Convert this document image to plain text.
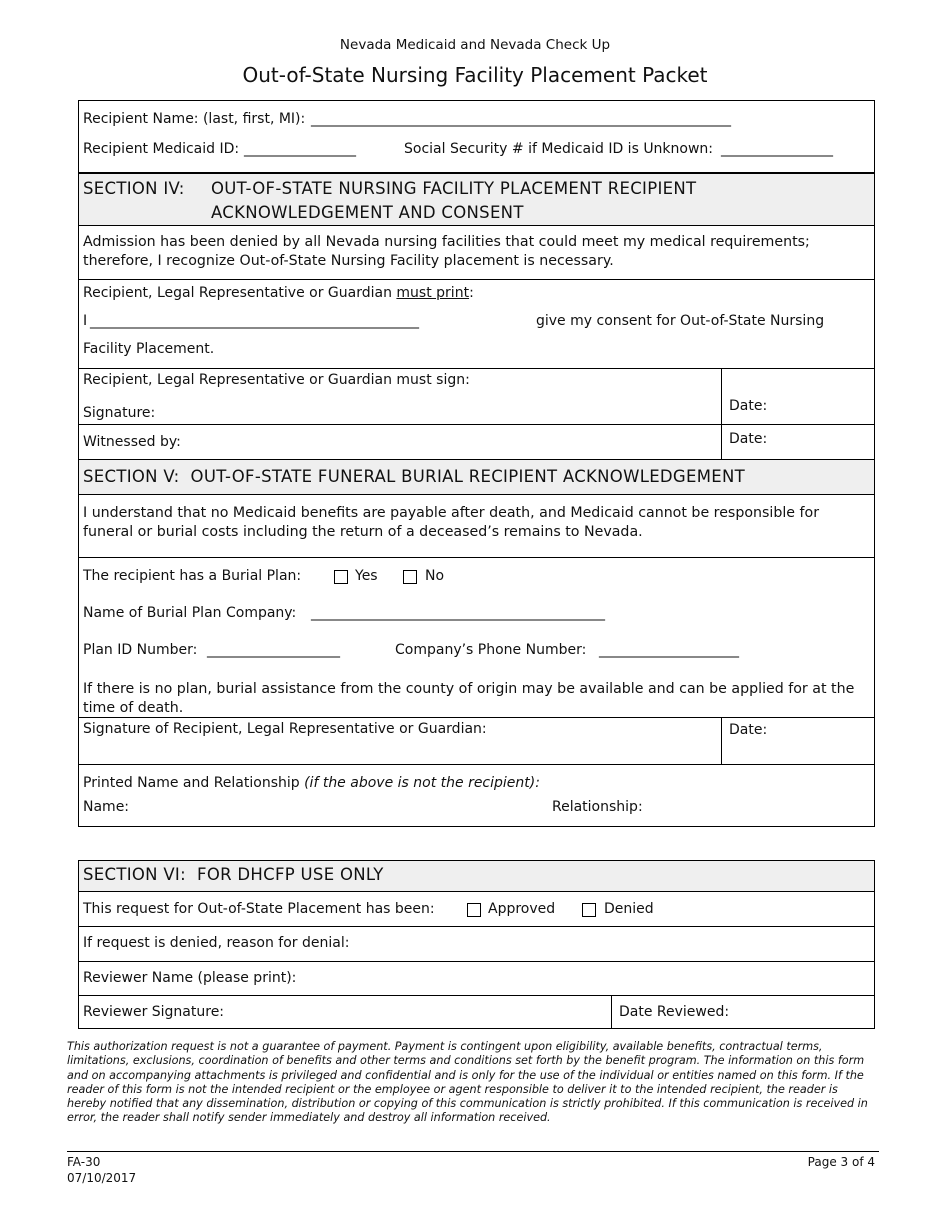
Nevada Medicaid and Nevada Check Up
Out-of-State Nursing Facility Placement Packet
Recipient Name: (last, first, MI): ____________________________________________________________
Recipient Medicaid ID: ________________	Social Security # if Medicaid ID is Unknown: ________________
SECTION IV: OUT-OF-STATE NURSING FACILITY PLACEMENT RECIPIENT
ACKNOWLEDGEMENT AND CONSENT
Admission has been denied by all Nevada nursing facilities that could meet my medical requirements; therefore, I recognize Out-of-State Nursing Facility placement is necessary.
Recipient, Legal Representative or Guardian must print:
I _______________________________________________	give my consent for Out-of-State Nursing
Facility Placement.
Recipient, Legal Representative or Guardian must sign:
Signature:	Date:
Witnessed by:	Date:
SECTION V:  OUT-OF-STATE FUNERAL BURIAL RECIPIENT ACKNOWLEDGEMENT
I understand that no Medicaid benefits are payable after death, and Medicaid cannot be responsible for funeral or burial costs including the return of a deceased’s remains to Nevada.
The recipient has a Burial Plan:	Yes	No
Name of Burial Plan Company: __________________________________________
Plan ID Number: ___________________	Company’s Phone Number: ____________________
If there is no plan, burial assistance from the county of origin may be available and can be applied for at the time of death.
Signature of Recipient, Legal Representative or Guardian:	Date:
Printed Name and Relationship (if the above is not the recipient):
Name:	Relationship:
SECTION VI:  FOR DHCFP USE ONLY
This request for Out-of-State Placement has been:	Approved	Denied
If request is denied, reason for denial:
Reviewer Name (please print):
Reviewer Signature:	Date Reviewed:
This authorization request is not a guarantee of payment. Payment is contingent upon eligibility, available benefits, contractual terms, limitations, exclusions, coordination of benefits and other terms and conditions set forth by the benefit program. The information on this form and on accompanying attachments is privileged and confidential and is only for the use of the individual or entities named on this form. If the reader of this form is not the intended recipient or the employee or agent responsible to deliver it to the intended recipient, the reader is hereby notified that any dissemination, distribution or copying of this communication is strictly prohibited. If this communication is received in error, the reader shall notify sender immediately and destroy all information received.
FA-30
07/10/2017
Page 3 of 4
